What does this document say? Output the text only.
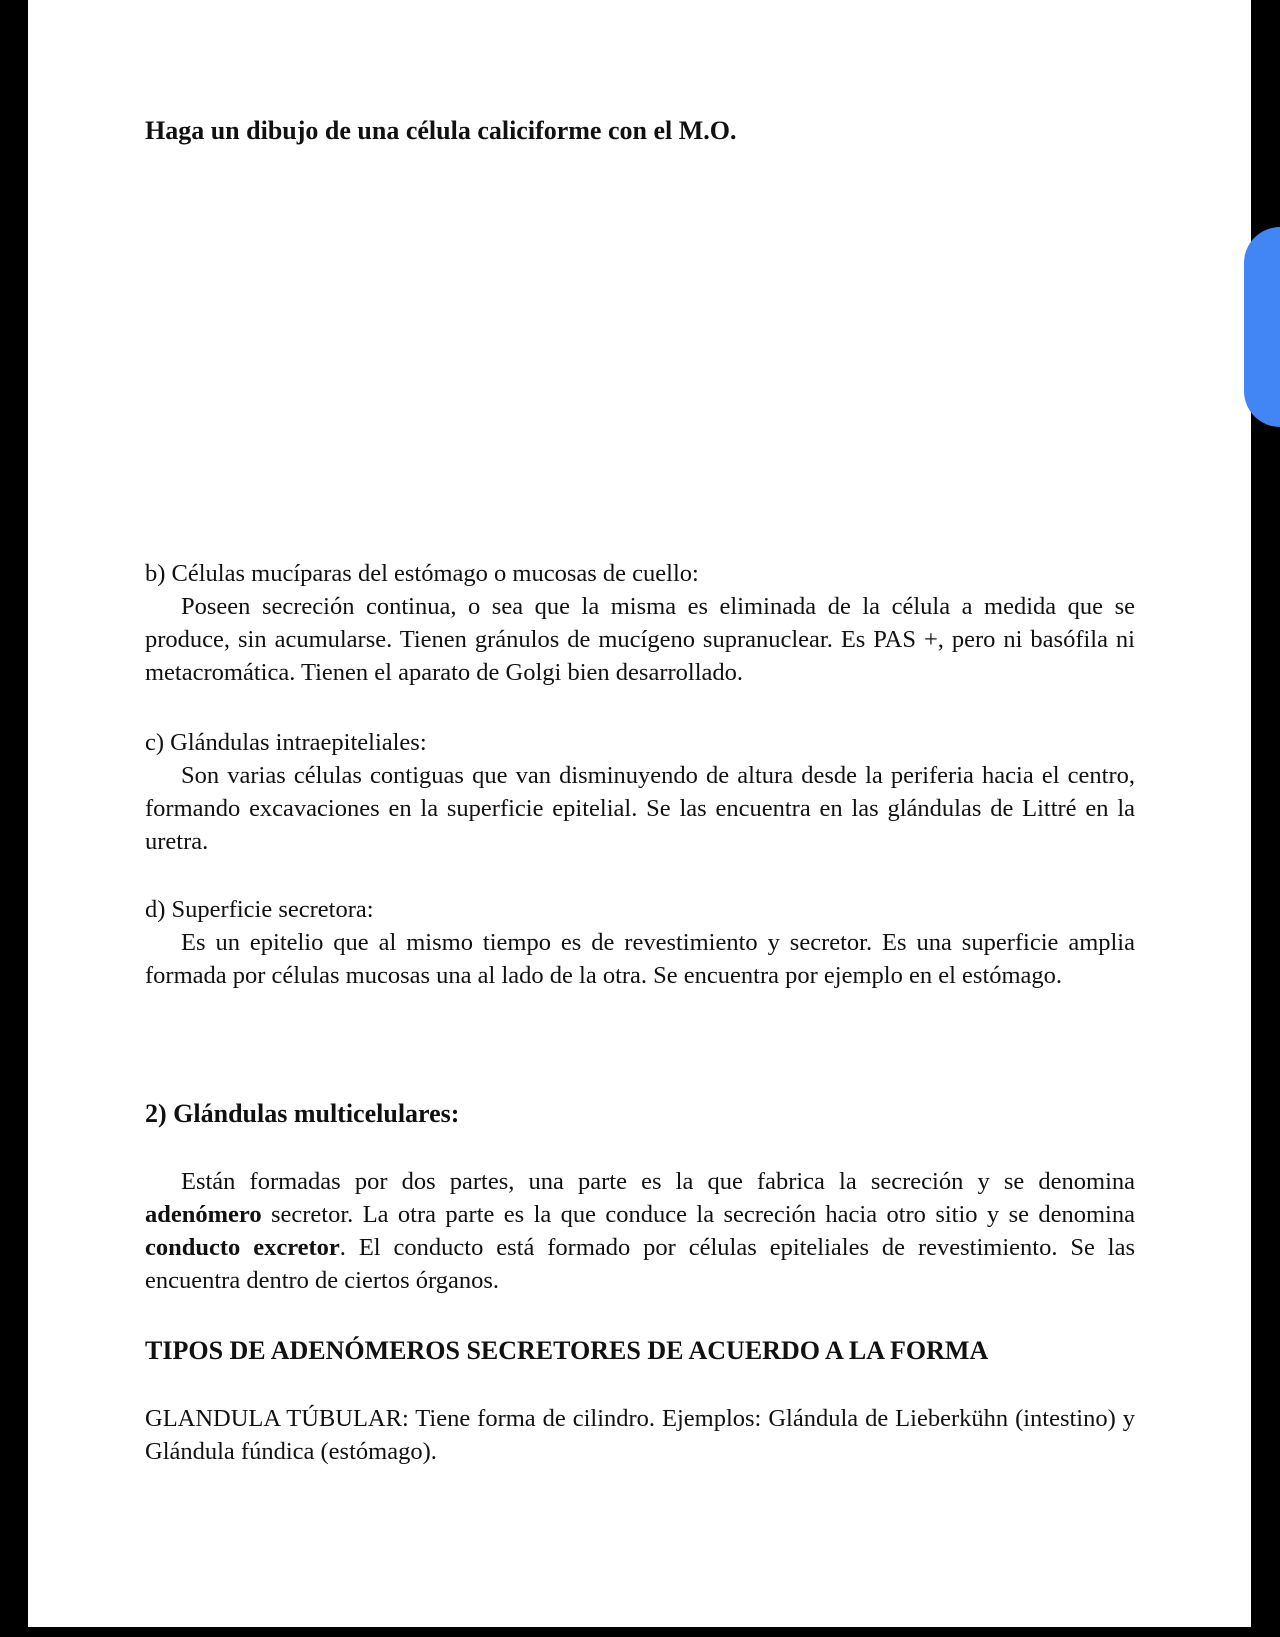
Haga un dibujo de una célula caliciforme con el M.O.

b) Células mucíparas del estómago o mucosas de cuello:

Poseen secreción continua, o sea que la misma es eliminada de la célula a medida que se produce, sin acumularse. Tienen gránulos de mucígeno supranuclear. Es PAS +, pero ni basófila ni metacromática. Tienen el aparato de Golgi bien desarrollado.

c) Glándulas intraepiteliales:

Son varias células contiguas que van disminuyendo de altura desde la periferia hacia el centro, formando excavaciones en la superficie epitelial. Se las encuentra en las glándulas de Littré en la uretra.

d) Superficie secretora:

Es un epitelio que al mismo tiempo es de revestimiento y secretor. Es una superficie amplia formada por células mucosas una al lado de la otra. Se encuentra por ejemplo en el estómago.

2) Glándulas multicelulares:

Están formadas por dos partes, una parte es la que fabrica la secreción y se denomina adenómero secretor. La otra parte es la que conduce la secreción hacia otro sitio y se denomina conducto excretor. El conducto está formado por células epiteliales de revestimiento. Se las encuentra dentro de ciertos órganos.

TIPOS DE ADENÓMEROS SECRETORES DE ACUERDO A LA FORMA

GLANDULA TÚBULAR: Tiene forma de cilindro. Ejemplos: Glándula de Lieberkühn (intestino) y Glándula fúndica (estómago).
